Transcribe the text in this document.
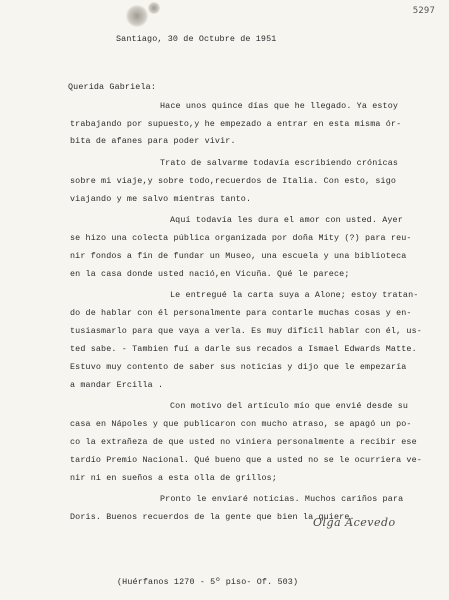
5297
Santiago, 30 de Octubre de 1951
Querida Gabriela:
Hace unos quince días que he llegado. Ya estoy
trabajando por supuesto,y he empezado a entrar en esta misma ór-
bita de afanes para poder vivir.
Trato de salvarme todavía escribiendo crónicas
sobre mi viaje,y sobre todo,recuerdos de Italia. Con esto, sigo
viajando y me salvo mientras tanto.
Aquí todavía les dura el amor con usted. Ayer
se hizo una colecta pública organizada por doña Mity (?) para reu-
nir fondos a fin de fundar un Museo, una escuela y una biblioteca
en la casa donde usted nació,en Vicuña. Qué le parece;
Le entregué la carta suya a Alone; estoy tratan-
do de hablar con él personalmente para contarle muchas cosas y en-
tusiasmarlo para que vaya a verla. Es muy difícil hablar con él, us-
ted sabe. - Tambien fuí a darle sus recados a Ismael Edwards Matte.
Estuvo muy contento de saber sus noticias y dijo que le empezaría
a mandar Ercilla .
Con motivo del artículo mío que envié desde su
casa en Nápoles y que publicaron con mucho atraso, se apagó un po-
co la extrañeza de que usted no viniera personalmente a recibir ese
tardío Premio Nacional. Qué bueno que a usted no se le ocurriera ve-
nir ni en sueños a esta olla de grillos;
Pronto le enviaré noticias. Muchos cariños para
Doris. Buenos recuerdos de la gente que bien la quiere.
Olga Acevedo
(Huérfanos 1270 - 5º piso- Of. 503)
